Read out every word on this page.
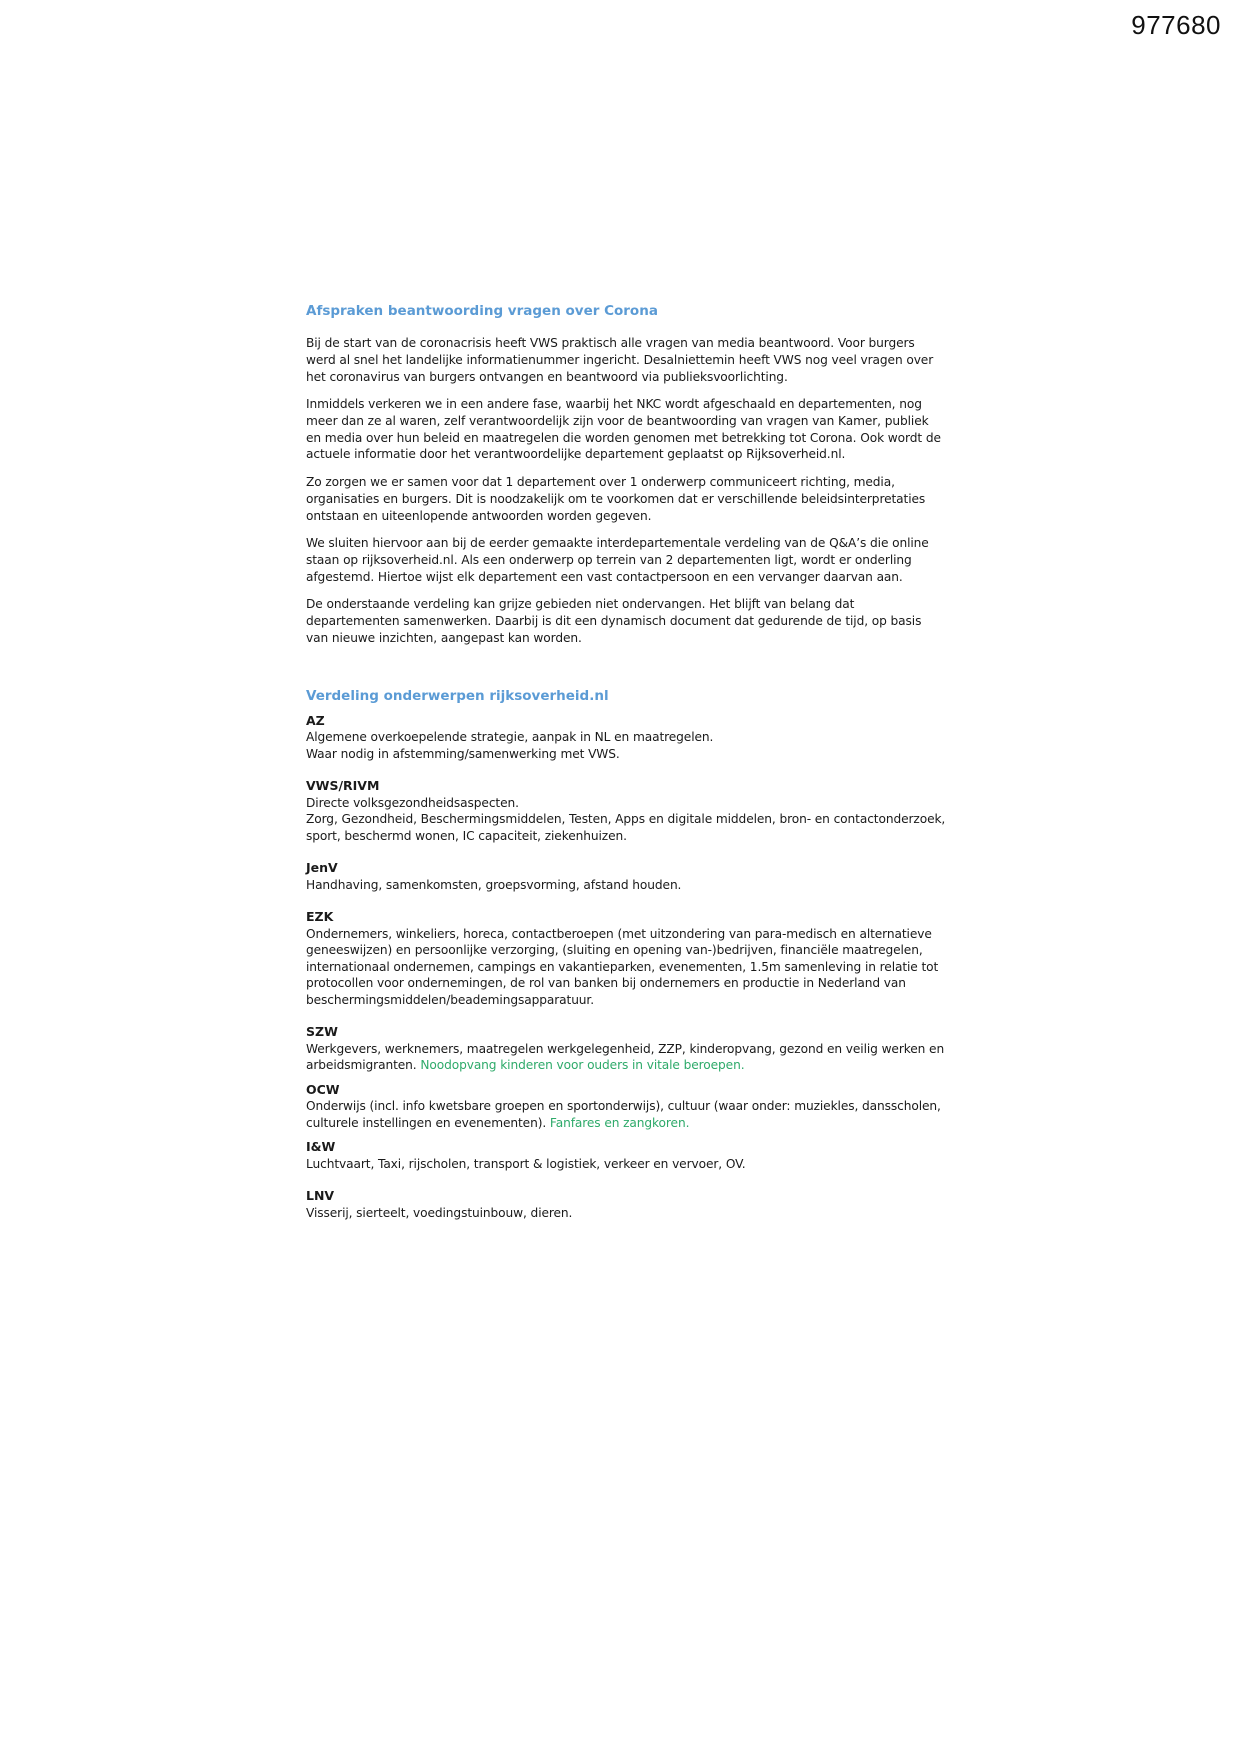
977680
Afspraken beantwoording vragen over Corona

Bij de start van de coronacrisis heeft VWS praktisch alle vragen van media beantwoord. Voor burgers werd al snel het landelijke informatienummer ingericht. Desalniettemin heeft VWS nog veel vragen over het coronavirus van burgers ontvangen en beantwoord via publieksvoorlichting.

Inmiddels verkeren we in een andere fase, waarbij het NKC wordt afgeschaald en departementen, nog meer dan ze al waren, zelf verantwoordelijk zijn voor de beantwoording van vragen van Kamer, publiek en media over hun beleid en maatregelen die worden genomen met betrekking tot Corona. Ook wordt de actuele informatie door het verantwoordelijke departement geplaatst op Rijksoverheid.nl.

Zo zorgen we er samen voor dat 1 departement over 1 onderwerp communiceert richting, media, organisaties en burgers. Dit is noodzakelijk om te voorkomen dat er verschillende beleidsinterpretaties ontstaan en uiteenlopende antwoorden worden gegeven.

We sluiten hiervoor aan bij de eerder gemaakte interdepartementale verdeling van de Q&A’s die online staan op rijksoverheid.nl. Als een onderwerp op terrein van 2 departementen ligt, wordt er onderling afgestemd. Hiertoe wijst elk departement een vast contactpersoon en een vervanger daarvan aan.

De onderstaande verdeling kan grijze gebieden niet ondervangen. Het blijft van belang dat departementen samenwerken. Daarbij is dit een dynamisch document dat gedurende de tijd, op basis van nieuwe inzichten, aangepast kan worden.

Verdeling onderwerpen rijksoverheid.nl

AZ

Algemene overkoepelende strategie, aanpak in NL en maatregelen.

Waar nodig in afstemming/samenwerking met VWS.

VWS/RIVM

Directe volksgezondheidsaspecten.

Zorg, Gezondheid, Beschermingsmiddelen, Testen, Apps en digitale middelen, bron- en contactonderzoek, sport, beschermd wonen, IC capaciteit, ziekenhuizen.

JenV

Handhaving, samenkomsten, groepsvorming, afstand houden.

EZK

Ondernemers, winkeliers, horeca, contactberoepen (met uitzondering van para-medisch en alternatieve geneeswijzen) en persoonlijke verzorging, (sluiting en opening van-)bedrijven, financiële maatregelen, internationaal ondernemen, campings en vakantieparken, evenementen, 1.5m samenleving in relatie tot protocollen voor ondernemingen, de rol van banken bij ondernemers en productie in Nederland van beschermingsmiddelen/beademingsapparatuur.

SZW

Werkgevers, werknemers, maatregelen werkgelegenheid, ZZP, kinderopvang, gezond en veilig werken en arbeidsmigranten. Noodopvang kinderen voor ouders in vitale beroepen.

OCW

Onderwijs (incl. info kwetsbare groepen en sportonderwijs), cultuur (waar onder: muziekles, dansscholen, culturele instellingen en evenementen). Fanfares en zangkoren.

I&W

Luchtvaart, Taxi, rijscholen, transport & logistiek, verkeer en vervoer, OV.

LNV

Visserij, sierteelt, voedingstuinbouw, dieren.
